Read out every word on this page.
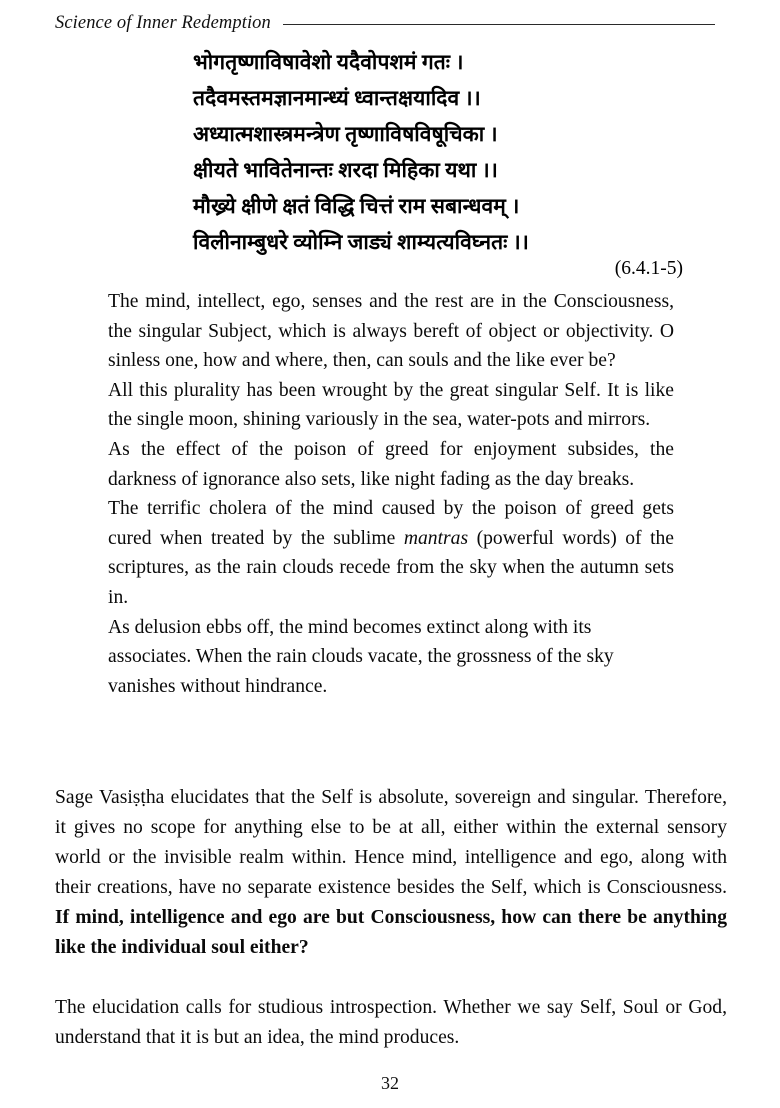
Science of Inner Redemption
भोगतृष्णाविषावेशो यदैवोपशमं गतः ।
तदैवमस्तमज्ञानमान्ध्यं ध्वान्तक्षयादिव ।।
अध्यात्मशास्त्रमन्त्रेण तृष्णाविषविषूचिका ।
क्षीयते भावितेनान्तः शरदा मिहिका यथा ।।
मौख्र्ये क्षीणे क्षतं विद्धि चित्तं राम सबान्धवम् ।
विलीनाम्बुधरे व्योम्नि जाड्यं शाम्यत्यविघ्नतः ।।
(6.4.1-5)

The mind, intellect, ego, senses and the rest are in the Consciousness, the singular Subject, which is always bereft of object or objectivity. O sinless one, how and where, then, can souls and the like ever be?

All this plurality has been wrought by the great singular Self. It is like the single moon, shining variously in the sea, water-pots and mirrors.

As the effect of the poison of greed for enjoyment subsides, the darkness of ignorance also sets, like night fading as the day breaks.

The terrific cholera of the mind caused by the poison of greed gets cured when treated by the sublime mantras (powerful words) of the scriptures, as the rain clouds recede from the sky when the autumn sets in.

As delusion ebbs off, the mind becomes extinct along with its associates. When the rain clouds vacate, the grossness of the sky vanishes without hindrance.

Sage Vasiṣṭha elucidates that the Self is absolute, sovereign and singular. Therefore, it gives no scope for anything else to be at all, either within the external sensory world or the invisible realm within. Hence mind, intelligence and ego, along with their creations, have no separate existence besides the Self, which is Consciousness. If mind, intelligence and ego are but Consciousness, how can there be anything like the individual soul either?

The elucidation calls for studious introspection. Whether we say Self, Soul or God, understand that it is but an idea, the mind produces.

32
